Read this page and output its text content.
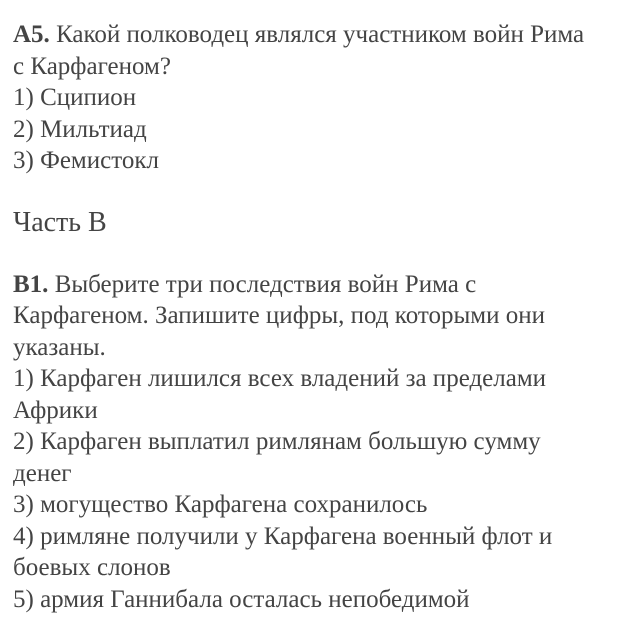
А5. Какой полководец являлся участником войн Рима

с Карфагеном?

1) Сципион

2) Мильтиад

3) Фемистокл

Часть В

В1. Выберите три последствия войн Рима с

Карфагеном. Запишите цифры, под которыми они

указаны.

1) Карфаген лишился всех владений за пределами

Африки

2) Карфаген выплатил римлянам большую сумму

денег

3) могущество Карфагена сохранилось

4) римляне получили у Карфагена военный флот и

боевых слонов

5) армия Ганнибала осталась непобедимой
